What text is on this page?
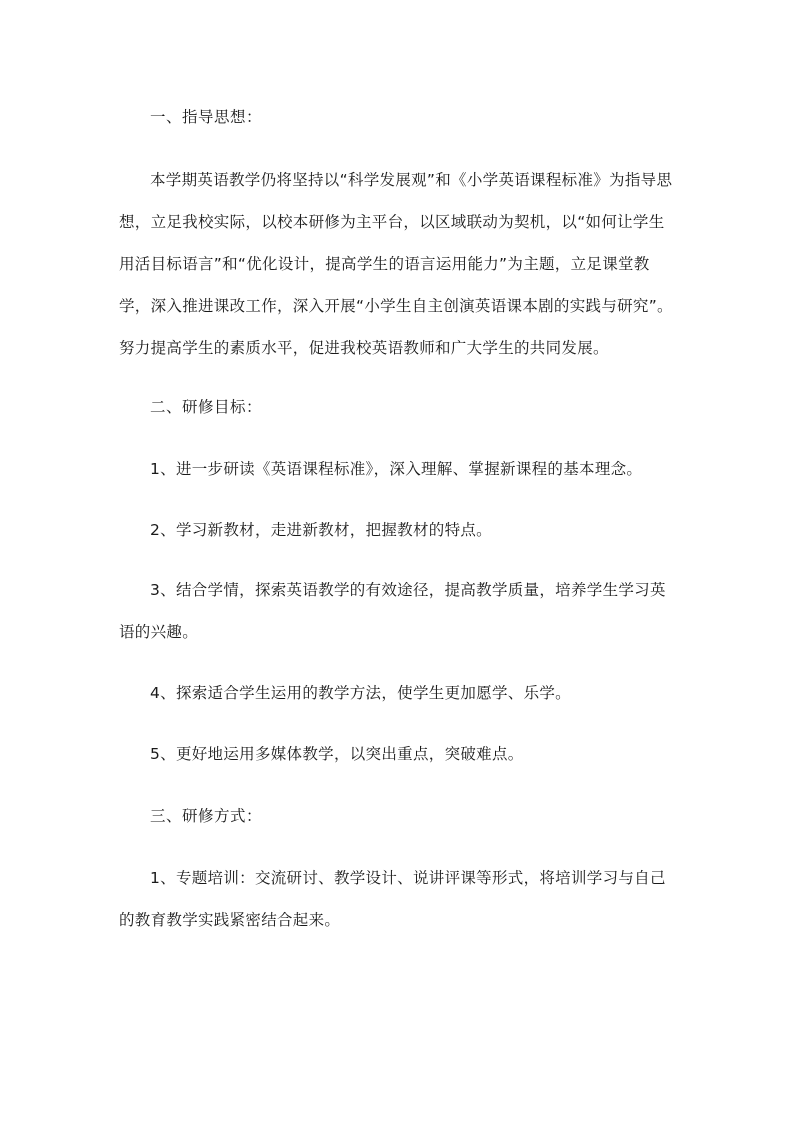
一、指导思想：

本学期英语教学仍将坚持以“科学发展观”和《小学英语课程标准》为指导思想，立足我校实际，以校本研修为主平台，以区域联动为契机，以“如何让学生用活目标语言”和“优化设计，提高学生的语言运用能力”为主题，立足课堂教学，深入推进课改工作，深入开展“小学生自主创演英语课本剧的实践与研究”。努力提高学生的素质水平，促进我校英语教师和广大学生的共同发展。

二、研修目标：

1、进一步研读《英语课程标准》，深入理解、掌握新课程的基本理念。

2、学习新教材，走进新教材，把握教材的特点。

3、结合学情，探索英语教学的有效途径，提高教学质量，培养学生学习英语的兴趣。

4、探索适合学生运用的教学方法，使学生更加愿学、乐学。

5、更好地运用多媒体教学，以突出重点，突破难点。

三、研修方式：

1、专题培训：交流研讨、教学设计、说讲评课等形式，将培训学习与自己的教育教学实践紧密结合起来。
